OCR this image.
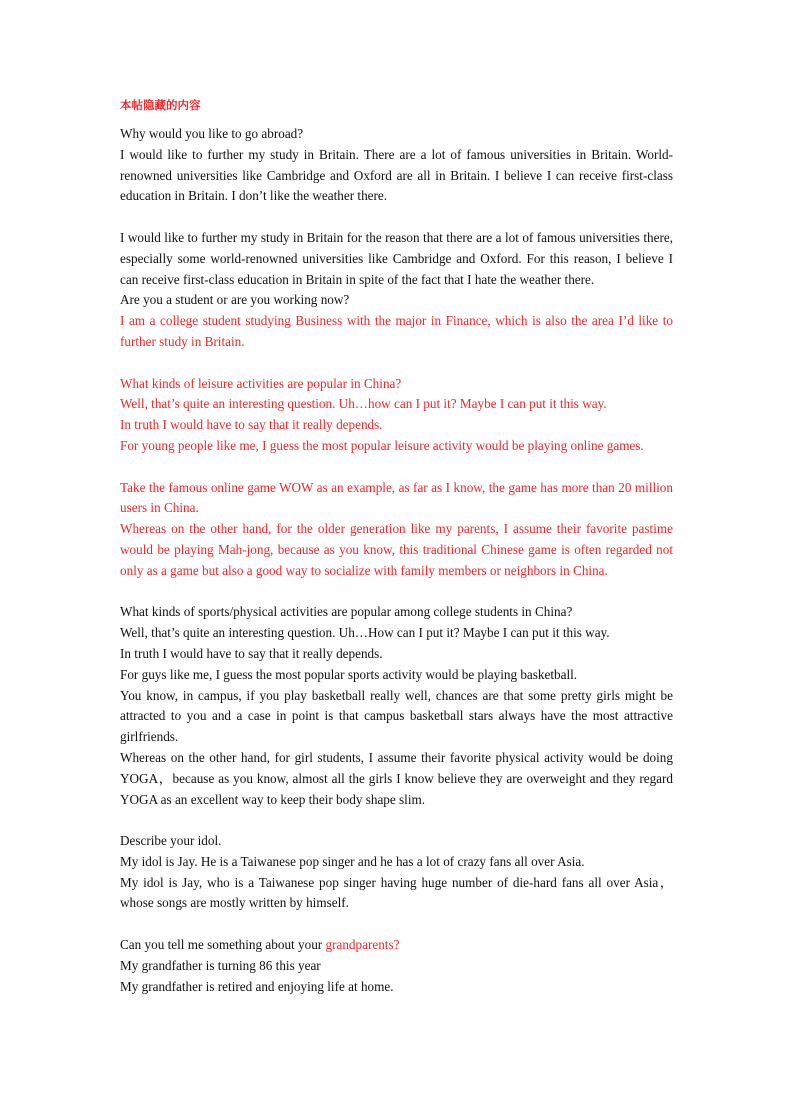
本帖隐藏的内容

Why would you like to go abroad?

I would like to further my study in Britain. There are a lot of famous universities in Britain. World-renowned universities like Cambridge and Oxford are all in Britain. I believe I can receive first-class education in Britain. I don’t like the weather there.

I would like to further my study in Britain for the reason that there are a lot of famous universities there, especially some world-renowned universities like Cambridge and Oxford. For this reason, I believe I can receive first-class education in Britain in spite of the fact that I hate the weather there.

Are you a student or are you working now?

I am a college student studying Business with the major in Finance, which is also the area I’d like to further study in Britain.

What kinds of leisure activities are popular in China?

Well, that’s quite an interesting question. Uh…how can I put it? Maybe I can put it this way.

In truth I would have to say that it really depends.

For young people like me, I guess the most popular leisure activity would be playing online games.

Take the famous online game WOW as an example, as far as I know, the game has more than 20 million users in China.

Whereas on the other hand, for the older generation like my parents, I assume their favorite pastime would be playing Mah-jong, because as you know, this traditional Chinese game is often regarded not only as a game but also a good way to socialize with family members or neighbors in China.

What kinds of sports/physical activities are popular among college students in China?

Well, that’s quite an interesting question. Uh…How can I put it? Maybe I can put it this way.

In truth I would have to say that it really depends.

For guys like me, I guess the most popular sports activity would be playing basketball.

You know, in campus, if you play basketball really well, chances are that some pretty girls might be attracted to you and a case in point is that campus basketball stars always have the most attractive girlfriends.

Whereas on the other hand, for girl students, I assume their favorite physical activity would be doing YOGA，because as you know, almost all the girls I know believe they are overweight and they regard YOGA as an excellent way to keep their body shape slim.

Describe your idol.

My idol is Jay. He is a Taiwanese pop singer and he has a lot of crazy fans all over Asia.

My idol is Jay, who is a Taiwanese pop singer having huge number of die-hard fans all over Asia，whose songs are mostly written by himself.

Can you tell me something about your grandparents?

My grandfather is turning 86 this year

My grandfather is retired and enjoying life at home.
